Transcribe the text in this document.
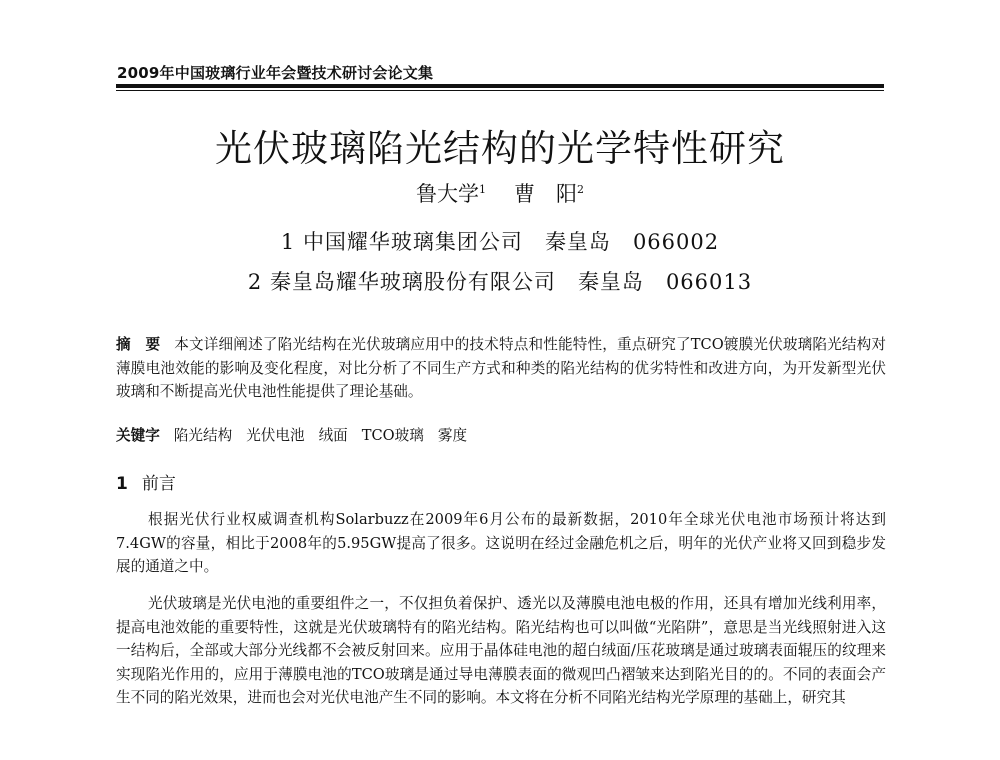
2009年中国玻璃行业年会暨技术研讨会论文集
光伏玻璃陷光结构的光学特性研究
鲁大学$^1$ 曹　阳$^2$
1 中国耀华玻璃集团公司 秦皇岛 066002
2 秦皇岛耀华玻璃股份有限公司 秦皇岛 066013

摘　要 本文详细阐述了陷光结构在光伏玻璃应用中的技术特点和性能特性，重点研究了TCO镀膜光伏玻璃陷光结构对薄膜电池效能的影响及变化程度，对比分析了不同生产方式和种类的陷光结构的优劣特性和改进方向，为开发新型光伏玻璃和不断提高光伏电池性能提供了理论基础。

关键字 陷光结构 光伏电池 绒面 TCO玻璃 雾度

1 前言

根据光伏行业权威调查机构Solarbuzz在2009年6月公布的最新数据，2010年全球光伏电池市场预计将达到7.4GW的容量，相比于2008年的5.95GW提高了很多。这说明在经过金融危机之后，明年的光伏产业将又回到稳步发展的通道之中。

光伏玻璃是光伏电池的重要组件之一，不仅担负着保护、透光以及薄膜电池电极的作用，还具有增加光线利用率，提高电池效能的重要特性，这就是光伏玻璃特有的陷光结构。陷光结构也可以叫做“光陷阱”，意思是当光线照射进入这一结构后，全部或大部分光线都不会被反射回来。应用于晶体硅电池的超白绒面/压花玻璃是通过玻璃表面辊压的纹理来实现陷光作用的，应用于薄膜电池的TCO玻璃是通过导电薄膜表面的微观凹凸褶皱来达到陷光目的的。不同的表面会产生不同的陷光效果，进而也会对光伏电池产生不同的影响。本文将在分析不同陷光结构光学原理的基础上，研究其
